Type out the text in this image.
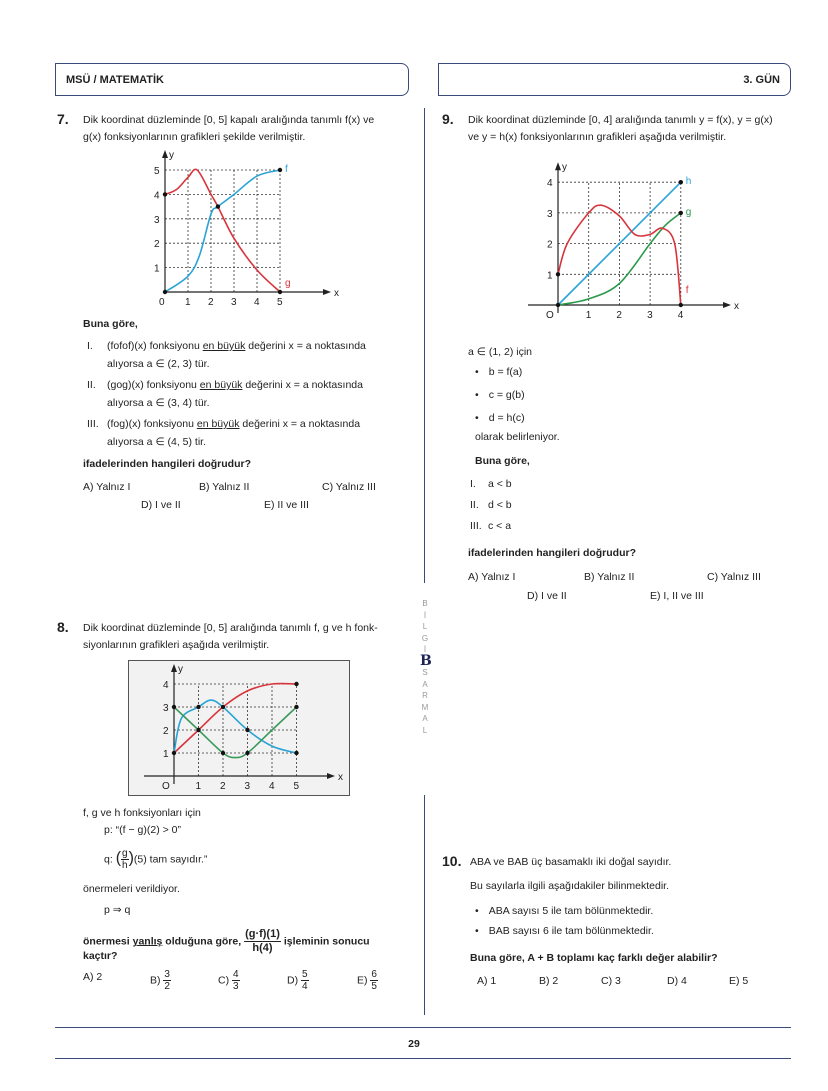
MSÜ / MATEMATİK	3. GÜN
B
İ
L
G
İ
B
S
A
R
M
A
L
7. Dik koordinat düzleminde [0, 5] kapalı aralığında tanımlı f(x) ve
g(x) fonksiyonlarının grafikleri şekilde verilmiştir.
x
y
0 1 2 3 4 5
1
2
3
4
5	f
g
Buna göre,
I. (fofof)(x) fonksiyonu en büyük değerini x = a noktasında
alıyorsa a ∈ (2, 3) tür.
II. (gog)(x) fonksiyonu en büyük değerini x = a noktasında
alıyorsa a ∈ (3, 4) tür.
III. (fog)(x) fonksiyonu en büyük değerini x = a noktasında
alıyorsa a ∈ (4, 5) tir.
ifadelerinden hangileri doğrudur?
A) Yalnız I	B) Yalnız II	C) Yalnız III
D) I ve II	E) II ve III
8. Dik koordinat düzleminde [0, 5] aralığında tanımlı f, g ve h fonk-
siyonlarının grafikleri aşağıda verilmiştir.
x
y
O	1 2 3 4 5
1
2
3
4
f, g ve h fonksiyonları için
p: “(f − g)(2) > 0”
q: ( $\frac{g}{h} )(5)$ tam sayıdır.”
önermeleri verildiyor.
p ⇒ q
önermesi yanlış olduğuna göre, $\frac{(g\cdot f)(1)}{h(4)}$ işleminin sonucu
kaçtır?
A) 2	$B) \frac{3}{2}$	$C) \frac{4}{3}$	$D) \frac{5}{4}$	$E) \frac{6}{5}$
9. Dik koordinat düzleminde [0, 4] aralığında tanımlı y = f(x), y = g(x)
ve y = h(x) fonksiyonlarının grafikleri aşağıda verilmiştir.
x
y
O	1	2	3	4
1
2
3
4	h
g
f
a ∈ (1, 2) için
• b = f(a)
• c = g(b)
• d = h(c)
olarak belirleniyor.
Buna göre,
I. a < b
II. d < b
III. c < a
ifadelerinden hangileri doğrudur?
A) Yalnız I	B) Yalnız II	C) Yalnız III
D) I ve II	E) I, II ve III
10. ABA ve BAB üç basamaklı iki doğal sayıdır.
Bu sayılarla ilgili aşağıdakiler bilinmektedir.
• ABA sayısı 5 ile tam bölünmektedir.
• BAB sayısı 6 ile tam bölünmektedir.
Buna göre, A + B toplamı kaç farklı değer alabilir?
A) 1	B) 2	C) 3	D) 4	E) 5
29
